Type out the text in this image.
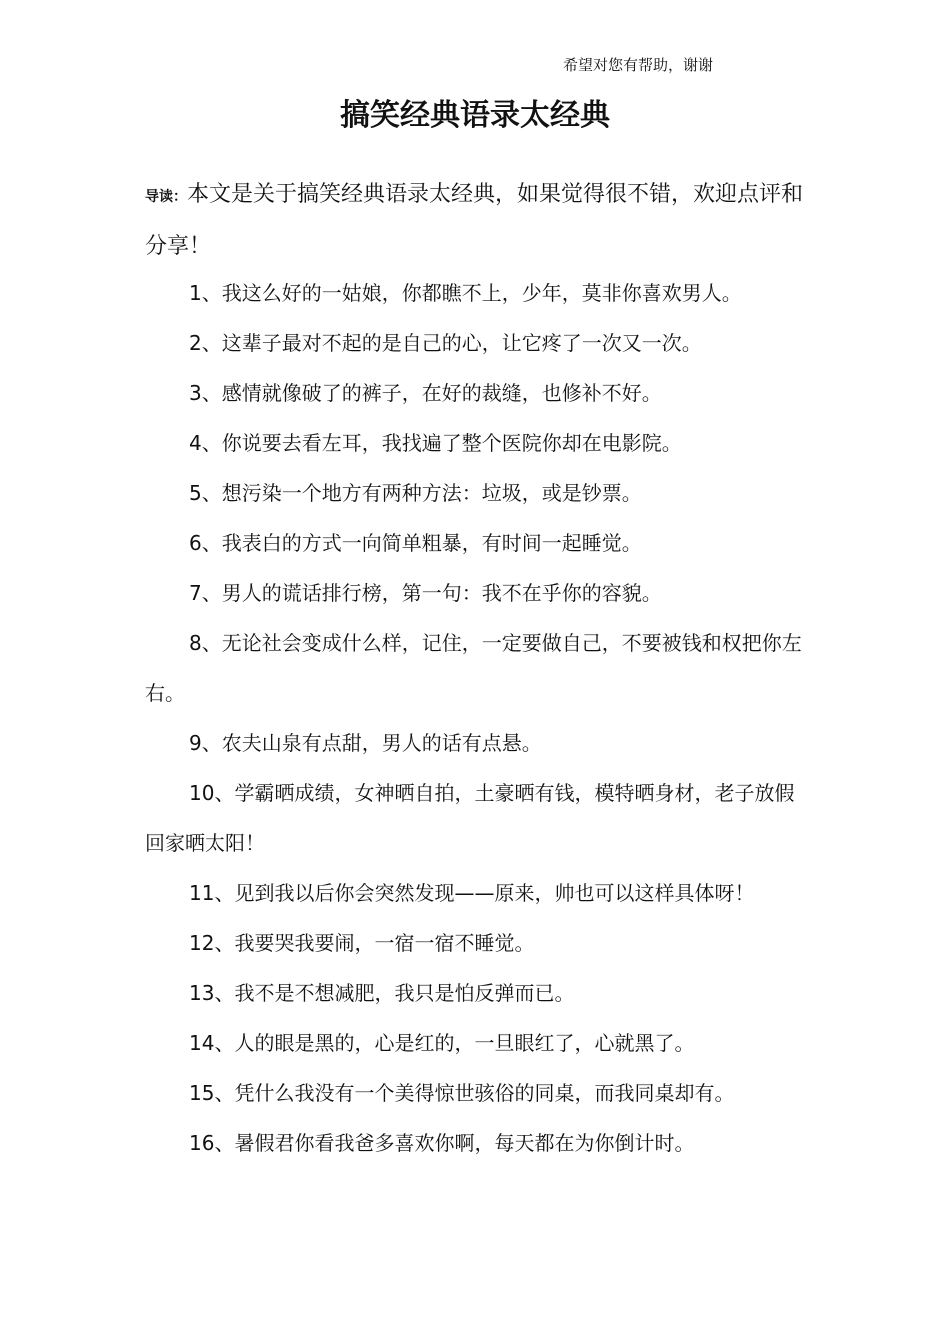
希望对您有帮助，谢谢
搞笑经典语录太经典

导读：本文是关于搞笑经典语录太经典，如果觉得很不错，欢迎点评和分享！

1、我这么好的一姑娘，你都瞧不上，少年，莫非你喜欢男人。
2、这辈子最对不起的是自己的心，让它疼了一次又一次。
3、感情就像破了的裤子，在好的裁缝，也修补不好。
4、你说要去看左耳，我找遍了整个医院你却在电影院。
5、想污染一个地方有两种方法：垃圾，或是钞票。
6、我表白的方式一向简单粗暴，有时间一起睡觉。
7、男人的谎话排行榜，第一句：我不在乎你的容貌。
8、无论社会变成什么样，记住，一定要做自己，不要被钱和权把你左右。
9、农夫山泉有点甜，男人的话有点悬。
10、学霸晒成绩，女神晒自拍，土豪晒有钱，模特晒身材，老子放假回家晒太阳！
11、见到我以后你会突然发现——原来，帅也可以这样具体呀！
12、我要哭我要闹，一宿一宿不睡觉。
13、我不是不想减肥，我只是怕反弹而已。
14、人的眼是黑的，心是红的，一旦眼红了，心就黑了。
15、凭什么我没有一个美得惊世骇俗的同桌，而我同桌却有。
16、暑假君你看我爸多喜欢你啊，每天都在为你倒计时。
